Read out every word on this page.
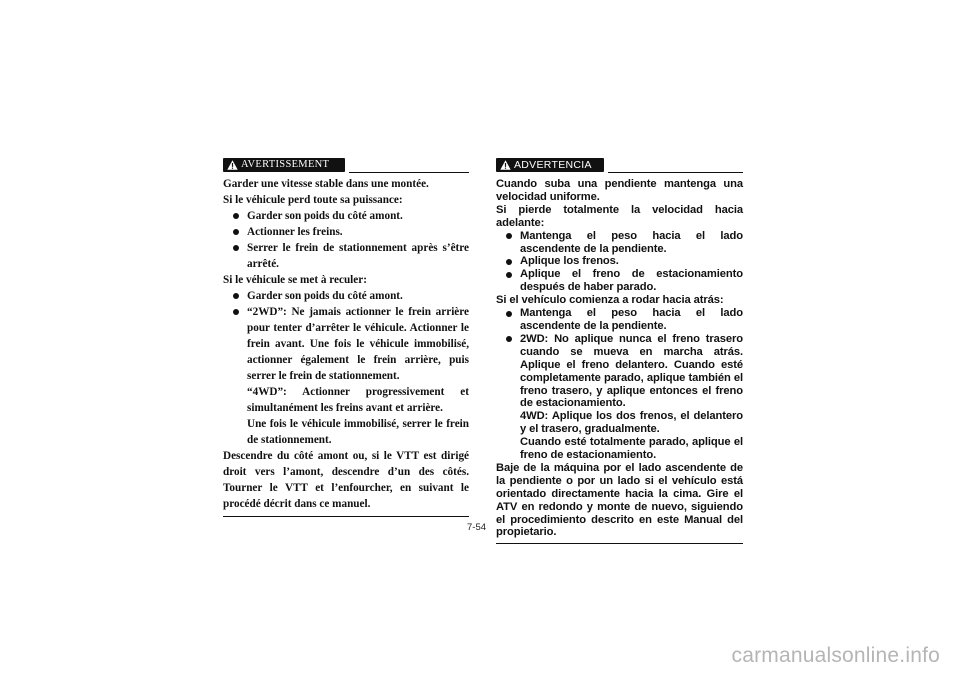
AVERTISSEMENT

Garder une vitesse stable dans une montée.

Si le véhicule perd toute sa puissance:

Garder son poids du côté amont.
Actionner les freins.
Serrer le frein de stationnement après s’être arrêté.

Si le véhicule se met à reculer:

Garder son poids du côté amont.
“2WD”: Ne jamais actionner le frein arrière pour tenter d’arrêter le véhicule. Actionner le frein avant. Une fois le véhicule immobilisé, actionner également le frein arrière, puis serrer le frein de stationnement.
“4WD”: Actionner progressivement et simultanément les freins avant et arrière.
Une fois le véhicule immobilisé, serrer le frein de stationnement.

Descendre du côté amont ou, si le VTT est dirigé droit vers l’amont, descendre d’un des côtés. Tourner le VTT et l’enfourcher, en suivant le procédé décrit dans ce manuel.

ADVERTENCIA

Cuando suba una pendiente mantenga una velocidad uniforme.

Si pierde totalmente la velocidad hacia adelante:

Mantenga el peso hacia el lado ascendente de la pendiente.
Aplique los frenos.
Aplique el freno de estacionamiento después de haber parado.

Si el vehículo comienza a rodar hacia atrás:

Mantenga el peso hacia el lado ascendente de la pendiente.
2WD: No aplique nunca el freno trasero cuando se mueva en marcha atrás. Aplique el freno delantero. Cuando esté completamente parado, aplique también el freno trasero, y aplique entonces el freno de estacionamiento.
4WD: Aplique los dos frenos, el delantero y el trasero, gradualmente.
Cuando esté totalmente parado, aplique el freno de estacionamiento.

Baje de la máquina por el lado ascendente de la pendiente o por un lado si el vehículo está orientado directamente hacia la cima. Gire el ATV en redondo y monte de nuevo, siguiendo el procedimiento descrito en este Manual del propietario.

7-54
carmanualsonline.info
